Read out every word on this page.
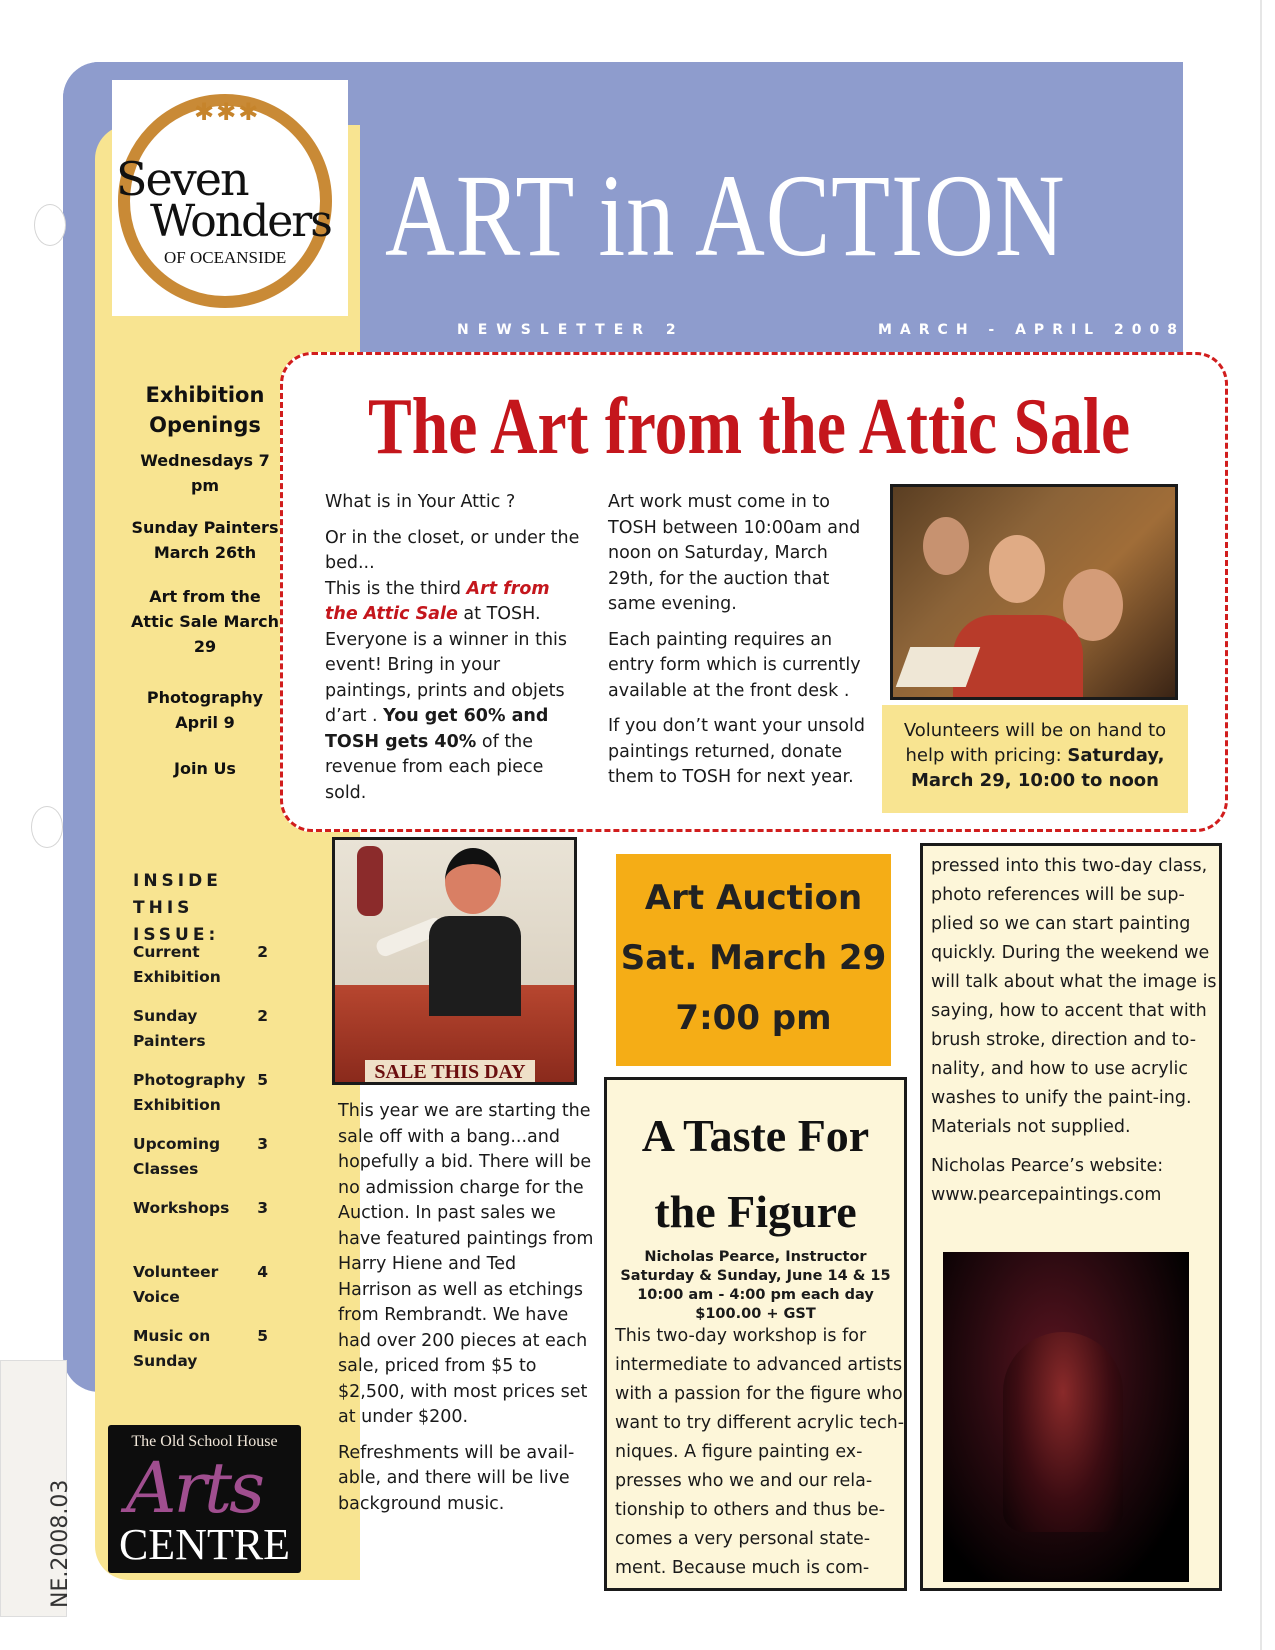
✱✱✱
Seven
Wonders
OF OCEANSIDE ART in ACTION
NEWSLETTER 2	MARCH - APRIL 2008
Exhibition Openings
Wednesdays 7 pm
Sunday Painters March 26th
Art from the Attic Sale March 29
Photography April 9
Join Us
INSIDE THIS ISSUE:
Current Exhibition
2
Sunday Painters
2
Photography Exhibition
5
Upcoming Classes
3
Workshops	3
Volunteer Voice
4
Music on Sunday
5
The Old School House
Arts
CENTRE
NE.2008.03
The Art from the Attic Sale

What is in Your Attic ?

Or in the closet, or under the bed...

This is the third Art from the Attic Sale at TOSH. Everyone is a winner in this event! Bring in your paintings, prints and objets d’art . You get 60% and TOSH gets 40% of the revenue from each piece sold.

Art work must come in to TOSH between 10:00am and noon on Saturday, March 29th, for the auction that same evening.

Each painting requires an entry form which is currently available at the front desk .

If you don’t want your unsold paintings returned, donate them to TOSH for next year.

Volunteers will be on hand to help with pricing: Saturday, March 29, 10:00 to noon
SALE THIS DAY

This year we are starting the sale off with a bang...and hopefully a bid. There will be no admission charge for the Auction. In past sales we have featured paintings from Harry Hiene and Ted Harrison as well as etchings from Rembrandt. We have had over 200 pieces at each sale, priced from $5 to $2,500, with most prices set at under $200.

Refreshments will be avail-able, and there will be live background music.

Art Auction
Sat. March 29
7:00 pm
A Taste For
the Figure
Nicholas Pearce, Instructor
Saturday & Sunday, June 14 & 15
10:00 am - 4:00 pm each day
$100.00 + GST
This two-day workshop is for intermediate to advanced artists with a passion for the figure who want to try different acrylic tech-niques. A figure painting ex-presses who we and our rela-tionship to others and thus be-comes a very personal state-ment. Because much is com-

pressed into this two-day class, photo references will be sup-plied so we can start painting quickly. During the weekend we will talk about what the image is saying, how to accent that with brush stroke, direction and to-nality, and how to use acrylic washes to unify the paint-ing. Materials not supplied.

Nicholas Pearce’s website: www.pearcepaintings.com
